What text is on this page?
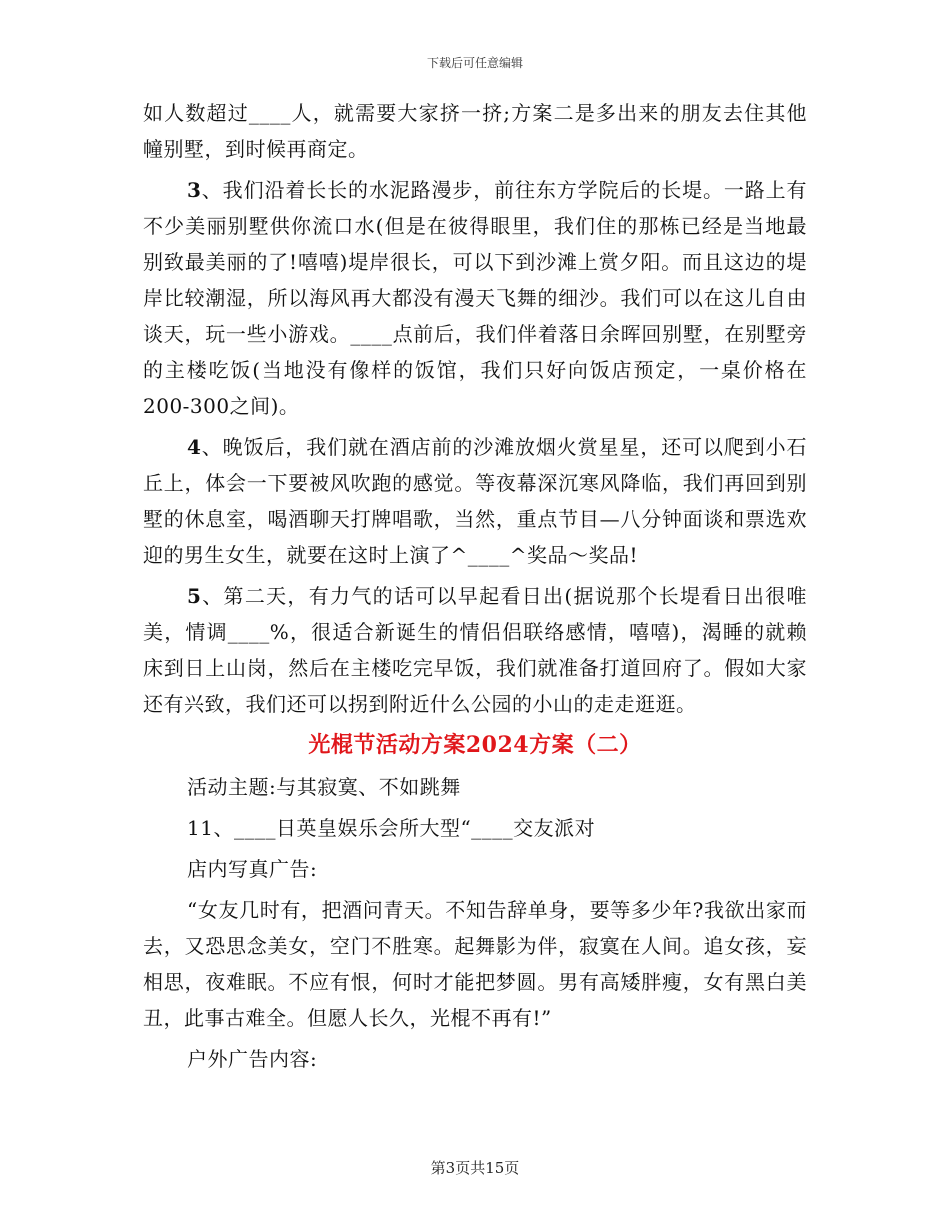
下载后可任意编辑

如人数超过____人，就需要大家挤一挤;方案二是多出来的朋友去住其他幢别墅，到时候再商定。

3、我们沿着长长的水泥路漫步，前往东方学院后的长堤。一路上有不少美丽别墅供你流口水(但是在彼得眼里，我们住的那栋已经是当地最别致最美丽的了!嘻嘻)堤岸很长，可以下到沙滩上赏夕阳。而且这边的堤岸比较潮湿，所以海风再大都没有漫天飞舞的细沙。我们可以在这儿自由谈天，玩一些小游戏。____点前后，我们伴着落日余晖回别墅，在别墅旁的主楼吃饭(当地没有像样的饭馆，我们只好向饭店预定，一桌价格在200-300之间)。

4、晚饭后，我们就在酒店前的沙滩放烟火赏星星，还可以爬到小石丘上，体会一下要被风吹跑的感觉。等夜幕深沉寒风降临，我们再回到别墅的休息室，喝酒聊天打牌唱歌，当然，重点节目—八分钟面谈和票选欢迎的男生女生，就要在这时上演了^____^奖品～奖品!

5、第二天，有力气的话可以早起看日出(据说那个长堤看日出很唯美，情调____%，很适合新诞生的情侣侣联络感情，嘻嘻)，渴睡的就赖床到日上山岗，然后在主楼吃完早饭，我们就准备打道回府了。假如大家还有兴致，我们还可以拐到附近什么公园的小山的走走逛逛。

光棍节活动方案2024方案（二）
活动主题:与其寂寞、不如跳舞
11、____日英皇娱乐会所大型“____交友派对
店内写真广告:

“女友几时有，把酒问青天。不知告辞单身，要等多少年?我欲出家而去，又恐思念美女，空门不胜寒。起舞影为伴，寂寞在人间。追女孩，妄相思，夜难眠。不应有恨，何时才能把梦圆。男有高矮胖瘦，女有黑白美丑，此事古难全。但愿人长久，光棍不再有!”

户外广告内容:
第3页共15页
